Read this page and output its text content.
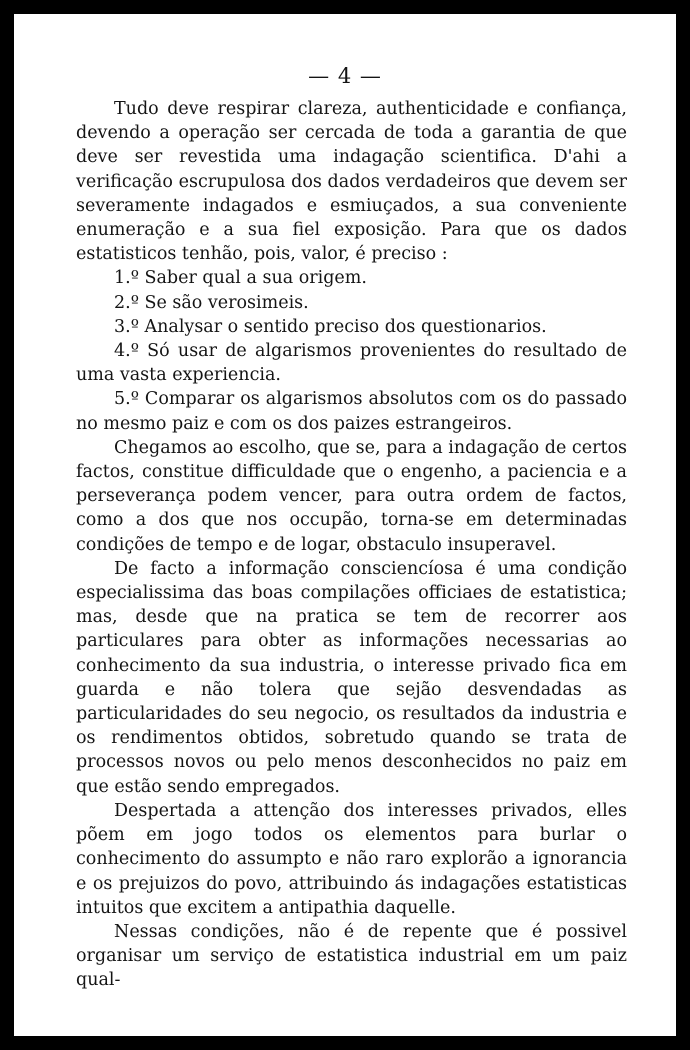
— 4 —

Tudo deve respirar clareza, authenticidade e confiança, devendo a operação ser cercada de toda a garantia de que deve ser revestida uma indagação scientifica. D'ahi a verificação escrupulosa dos dados verdadeiros que devem ser severamente indagados e esmiuçados, a sua conveniente enumeração e a sua fiel exposição. Para que os dados estatisticos tenhão, pois, valor, é preciso :

1.º Saber qual a sua origem.

2.º Se são verosimeis.

3.º Analysar o sentido preciso dos questionarios.

4.º Só usar de algarismos provenientes do resultado de uma vasta experiencia.

5.º Comparar os algarismos absolutos com os do passado no mesmo paiz e com os dos paizes estrangeiros.

Chegamos ao escolho, que se, para a indagação de certos factos, constitue difficuldade que o engenho, a paciencia e a perseverança podem vencer, para outra ordem de factos, como a dos que nos occupão, torna-se em determinadas condições de tempo e de logar, obstaculo insuperavel.

De facto a informação consciencíosa é uma condição especialissima das boas compilações officiaes de estatistica; mas, desde que na pratica se tem de recorrer aos particulares para obter as informações necessarias ao conhecimento da sua industria, o interesse privado fica em guarda e não tolera que sejão desvendadas as particularidades do seu negocio, os resultados da industria e os rendimentos obtidos, sobretudo quando se trata de processos novos ou pelo menos desconhecidos no paiz em que estão sendo empregados.

Despertada a attenção dos interesses privados, elles põem em jogo todos os elementos para burlar o conhecimento do assumpto e não raro explorão a ignorancia e os prejuizos do povo, attribuindo ás indagações estatisticas intuitos que excitem a antipathia daquelle.

Nessas condições, não é de repente que é possivel organisar um serviço de estatistica industrial em um paiz qual-
